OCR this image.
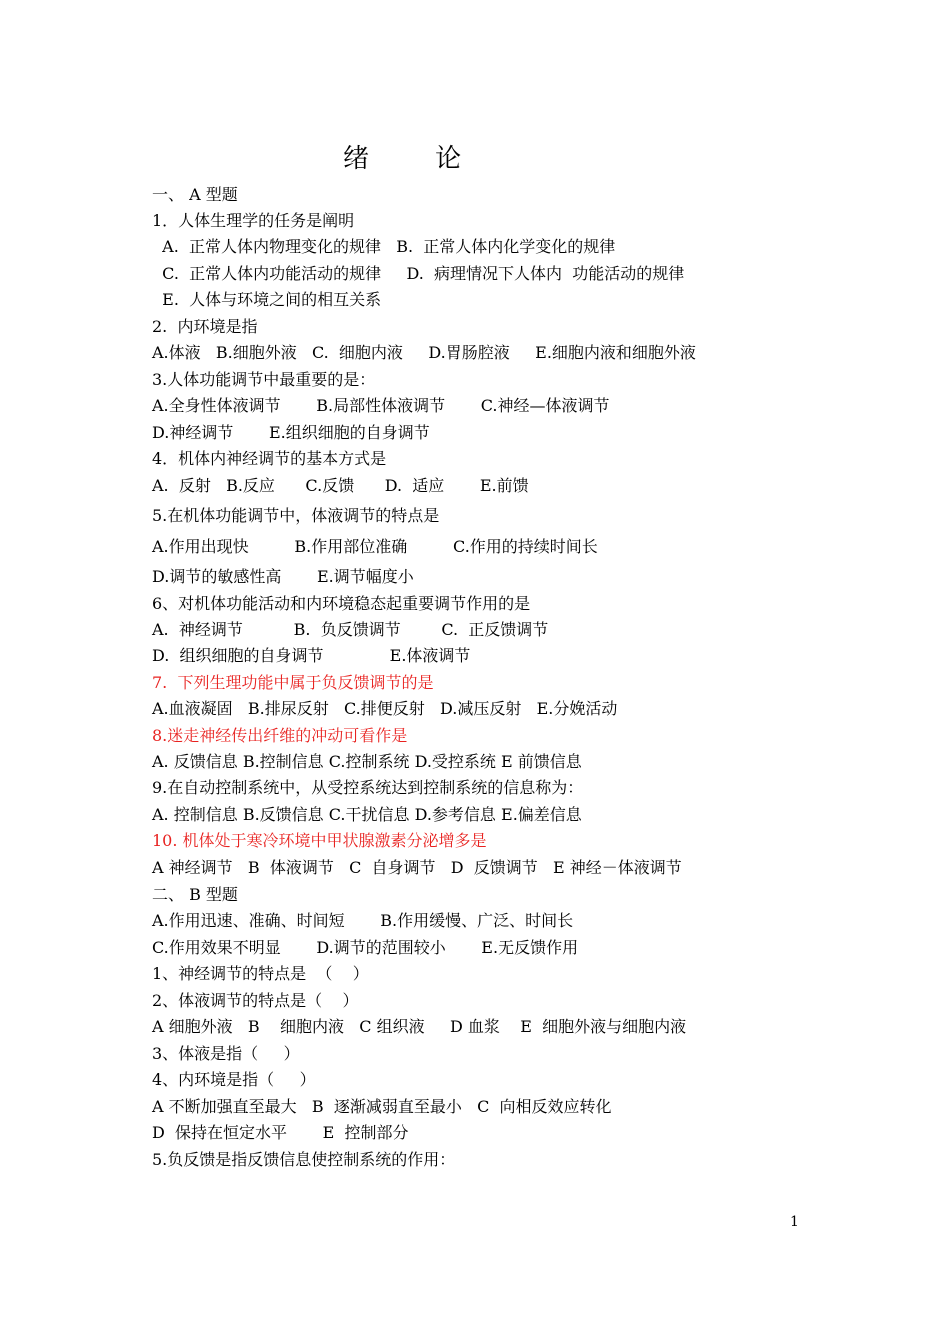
绪        论
一、 A 型题
1．人体生理学的任务是阐明
A.  正常人体内物理变化的规律   B.  正常人体内化学变化的规律
C.  正常人体内功能活动的规律     D.  病理情况下人体内  功能活动的规律
E.  人体与环境之间的相互关系
2.  内环境是指
A.体液   B.细胞外液   C.  细胞内液     D.胃肠腔液     E.细胞内液和细胞外液
3.人体功能调节中最重要的是：
A.全身性体液调节       B.局部性体液调节       C.神经—体液调节
D.神经调节       E.组织细胞的自身调节
4．机体内神经调节的基本方式是
A.  反射   B.反应      C.反馈      D.  适应       E.前馈
5.在机体功能调节中，体液调节的特点是
A.作用出现快         B.作用部位准确         C.作用的持续时间长
D.调节的敏感性高       E.调节幅度小
6、对机体功能活动和内环境稳态起重要调节作用的是
A.  神经调节          B.  负反馈调节        C.  正反馈调节
D.  组织细胞的自身调节             E.体液调节
7.  下列生理功能中属于负反馈调节的是
A.血液凝固   B.排尿反射   C.排便反射   D.减压反射   E.分娩活动
8.迷走神经传出纤维的冲动可看作是
A. 反馈信息 B.控制信息 C.控制系统 D.受控系统 E 前馈信息
9.在自动控制系统中，从受控系统达到控制系统的信息称为：
A. 控制信息 B.反馈信息 C.干扰信息 D.参考信息 E.偏差信息
10. 机体处于寒冷环境中甲状腺激素分泌增多是
A 神经调节   B  体液调节   C  自身调节   D  反馈调节   E 神经－体液调节
二、 B 型题
A.作用迅速、准确、时间短       B.作用缓慢、广泛、时间长
C.作用效果不明显       D.调节的范围较小       E.无反馈作用
1、神经调节的特点是  （    ）
2、体液调节的特点是（    ）
A 细胞外液   B    细胞内液   C 组织液     D 血浆    E  细胞外液与细胞内液
3、体液是指（     ）
4、内环境是指（     ）
A 不断加强直至最大   B  逐渐减弱直至最小   C  向相反效应转化
D  保持在恒定水平       E  控制部分
5.负反馈是指反馈信息使控制系统的作用：
1
